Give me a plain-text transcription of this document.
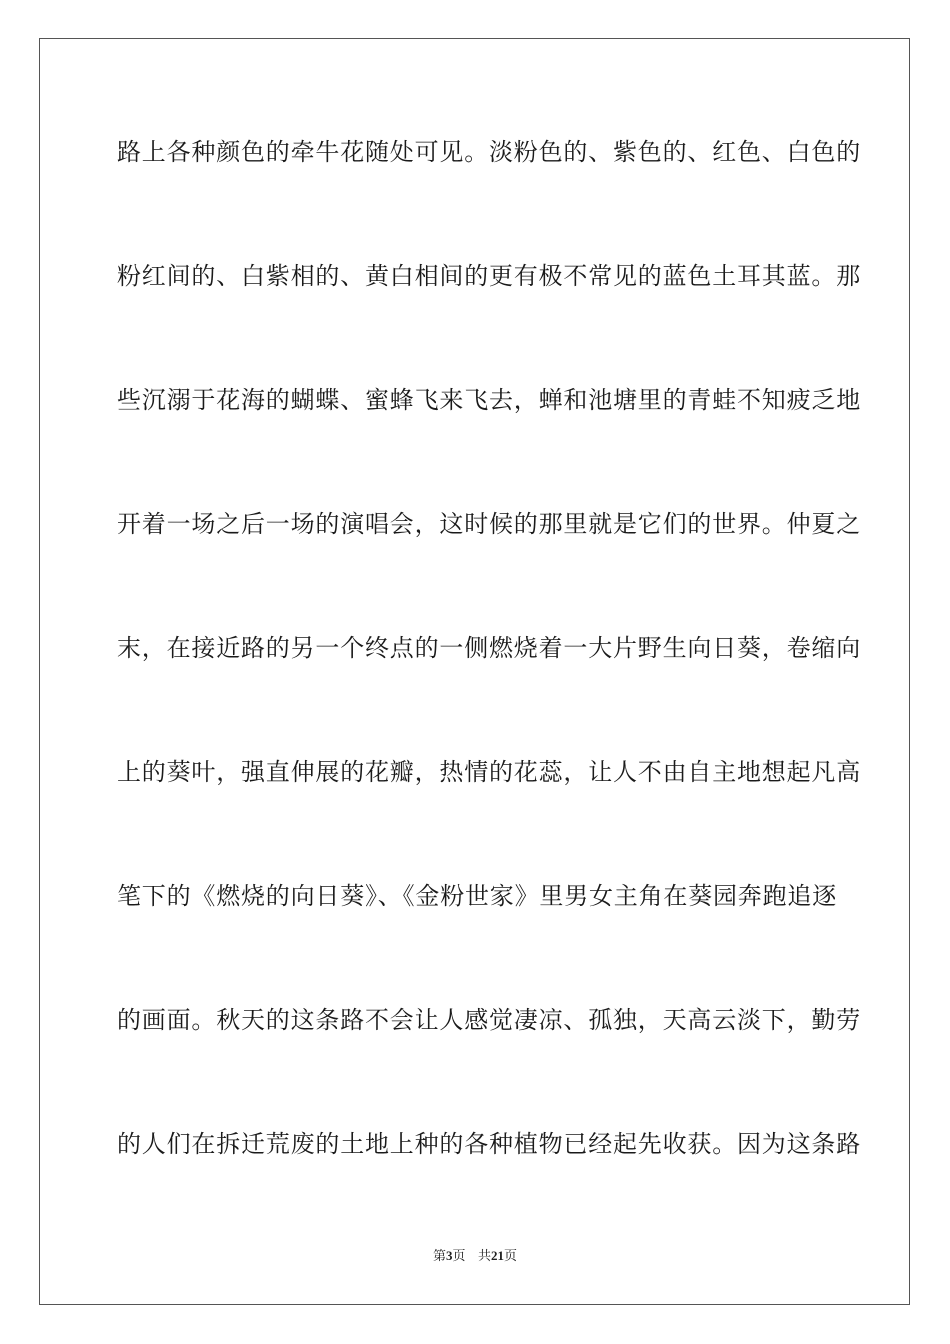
路上各种颜色的牵牛花随处可见。淡粉色的、紫色的、红色、白色的
粉红间的、白紫相的、黄白相间的更有极不常见的蓝色土耳其蓝。那
些沉溺于花海的蝴蝶、蜜蜂飞来飞去，蝉和池塘里的青蛙不知疲乏地
开着一场之后一场的演唱会，这时候的那里就是它们的世界。仲夏之
末，在接近路的另一个终点的一侧燃烧着一大片野生向日葵，卷缩向
上的葵叶，强直伸展的花瓣，热情的花蕊，让人不由自主地想起凡高
笔下的《燃烧的向日葵》、《金粉世家》里男女主角在葵园奔跑追逐
的画面。秋天的这条路不会让人感觉凄凉、孤独，天高云淡下，勤劳
的人们在拆迁荒废的土地上种的各种植物已经起先收获。因为这条路
第3页 共21页
